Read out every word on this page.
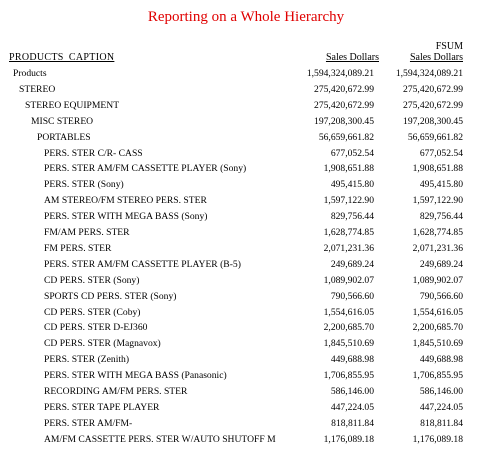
Reporting on a Whole Hierarchy
PRODUCTS_CAPTION
FSUM
Sales Dollars	Sales Dollars
Products	1,594,324,089.21 1,594,324,089.21
STEREO	275,420,672.99	275,420,672.99
STEREO EQUIPMENT	275,420,672.99	275,420,672.99
MISC STEREO	197,208,300.45	197,208,300.45
PORTABLES	56,659,661.82	56,659,661.82
PERS. STER C/R- CASS	677,052.54	677,052.54
PERS. STER AM/FM CASSETTE PLAYER (Sony)	1,908,651.88	1,908,651.88
PERS. STER (Sony)	495,415.80	495,415.80
AM STEREO/FM STEREO PERS. STER	1,597,122.90	1,597,122.90
PERS. STER WITH MEGA BASS (Sony)	829,756.44	829,756.44
FM/AM PERS. STER	1,628,774.85	1,628,774.85
FM PERS. STER	2,071,231.36	2,071,231.36
PERS. STER AM/FM CASSETTE PLAYER (B-5)	249,689.24	249,689.24
CD PERS. STER (Sony)	1,089,902.07	1,089,902.07
SPORTS CD PERS. STER (Sony)	790,566.60	790,566.60
CD PERS. STER (Coby)	1,554,616.05	1,554,616.05
CD PERS. STER D-EJ360	2,200,685.70	2,200,685.70
CD PERS. STER (Magnavox)	1,845,510.69	1,845,510.69
PERS. STER (Zenith)	449,688.98	449,688.98
PERS. STER WITH MEGA BASS (Panasonic)	1,706,855.95	1,706,855.95
RECORDING AM/FM PERS. STER	586,146.00	586,146.00
PERS. STER TAPE PLAYER	447,224.05	447,224.05
PERS. STER AM/FM-	818,811.84	818,811.84
AM/FM CASSETTE PERS. STER W/AUTO SHUTOFF M	1,176,089.18	1,176,089.18
